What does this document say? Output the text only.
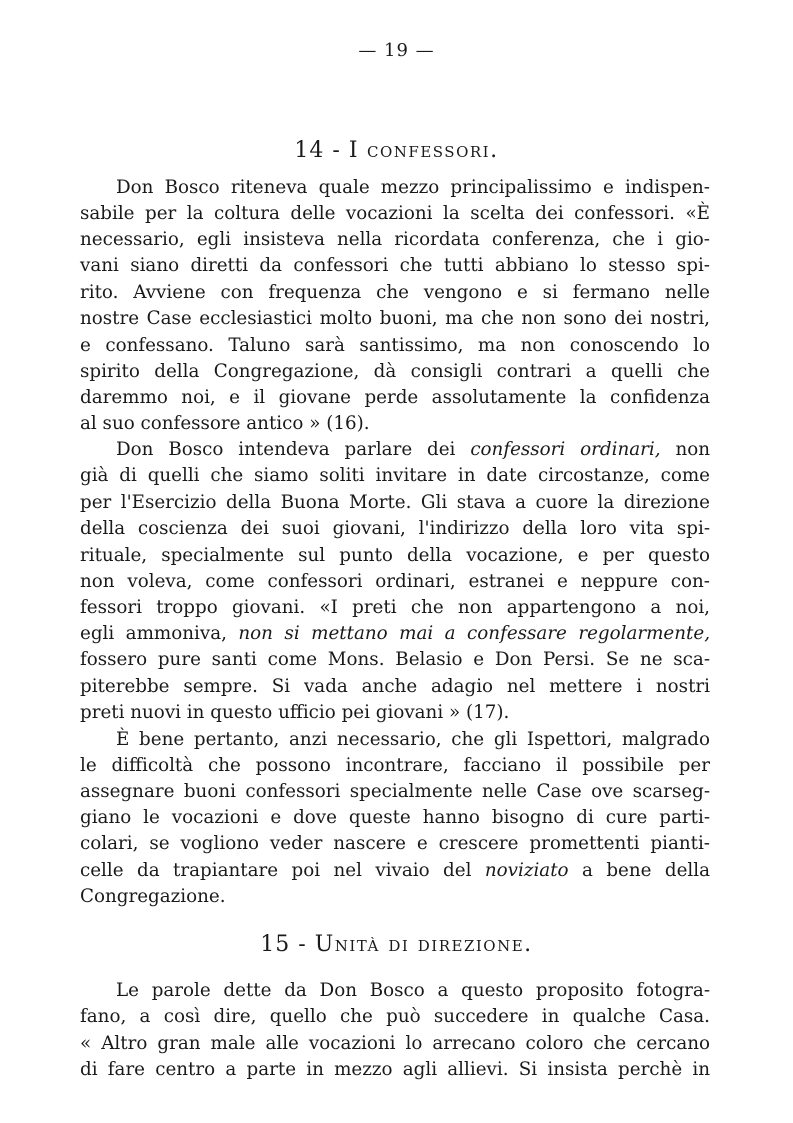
— 19 —
14 - I confessori.
Don Bosco riteneva quale mezzo principalissimo e indispen-
sabile per la coltura delle vocazioni la scelta dei confessori. «È
necessario, egli insisteva nella ricordata conferenza, che i gio-
vani siano diretti da confessori che tutti abbiano lo stesso spi-
rito. Avviene con frequenza che vengono e si fermano nelle
nostre Case ecclesiastici molto buoni, ma che non sono dei nostri,
e confessano. Taluno sarà santissimo, ma non conoscendo lo
spirito della Congregazione, dà consigli contrari a quelli che
daremmo noi, e il giovane perde assolutamente la confidenza
al suo confessore antico » (16).
Don Bosco intendeva parlare dei confessori ordinari, non
già di quelli che siamo soliti invitare in date circostanze, come
per l'Esercizio della Buona Morte. Gli stava a cuore la direzione
della coscienza dei suoi giovani, l'indirizzo della loro vita spi-
rituale, specialmente sul punto della vocazione, e per questo
non voleva, come confessori ordinari, estranei e neppure con-
fessori troppo giovani. «I preti che non appartengono a noi,
egli ammoniva, non si mettano mai a confessare regolarmente,
fossero pure santi come Mons. Belasio e Don Persi. Se ne sca-
piterebbe sempre. Si vada anche adagio nel mettere i nostri
preti nuovi in questo ufficio pei giovani » (17).
È bene pertanto, anzi necessario, che gli Ispettori, malgrado
le difficoltà che possono incontrare, facciano il possibile per
assegnare buoni confessori specialmente nelle Case ove scarseg-
giano le vocazioni e dove queste hanno bisogno di cure parti-
colari, se vogliono veder nascere e crescere promettenti pianti-
celle da trapiantare poi nel vivaio del noviziato a bene della
Congregazione.
15 - Unità di direzione.
Le parole dette da Don Bosco a questo proposito fotogra-
fano, a così dire, quello che può succedere in qualche Casa.
« Altro gran male alle vocazioni lo arrecano coloro che cercano
di fare centro a parte in mezzo agli allievi. Si insista perchè in
